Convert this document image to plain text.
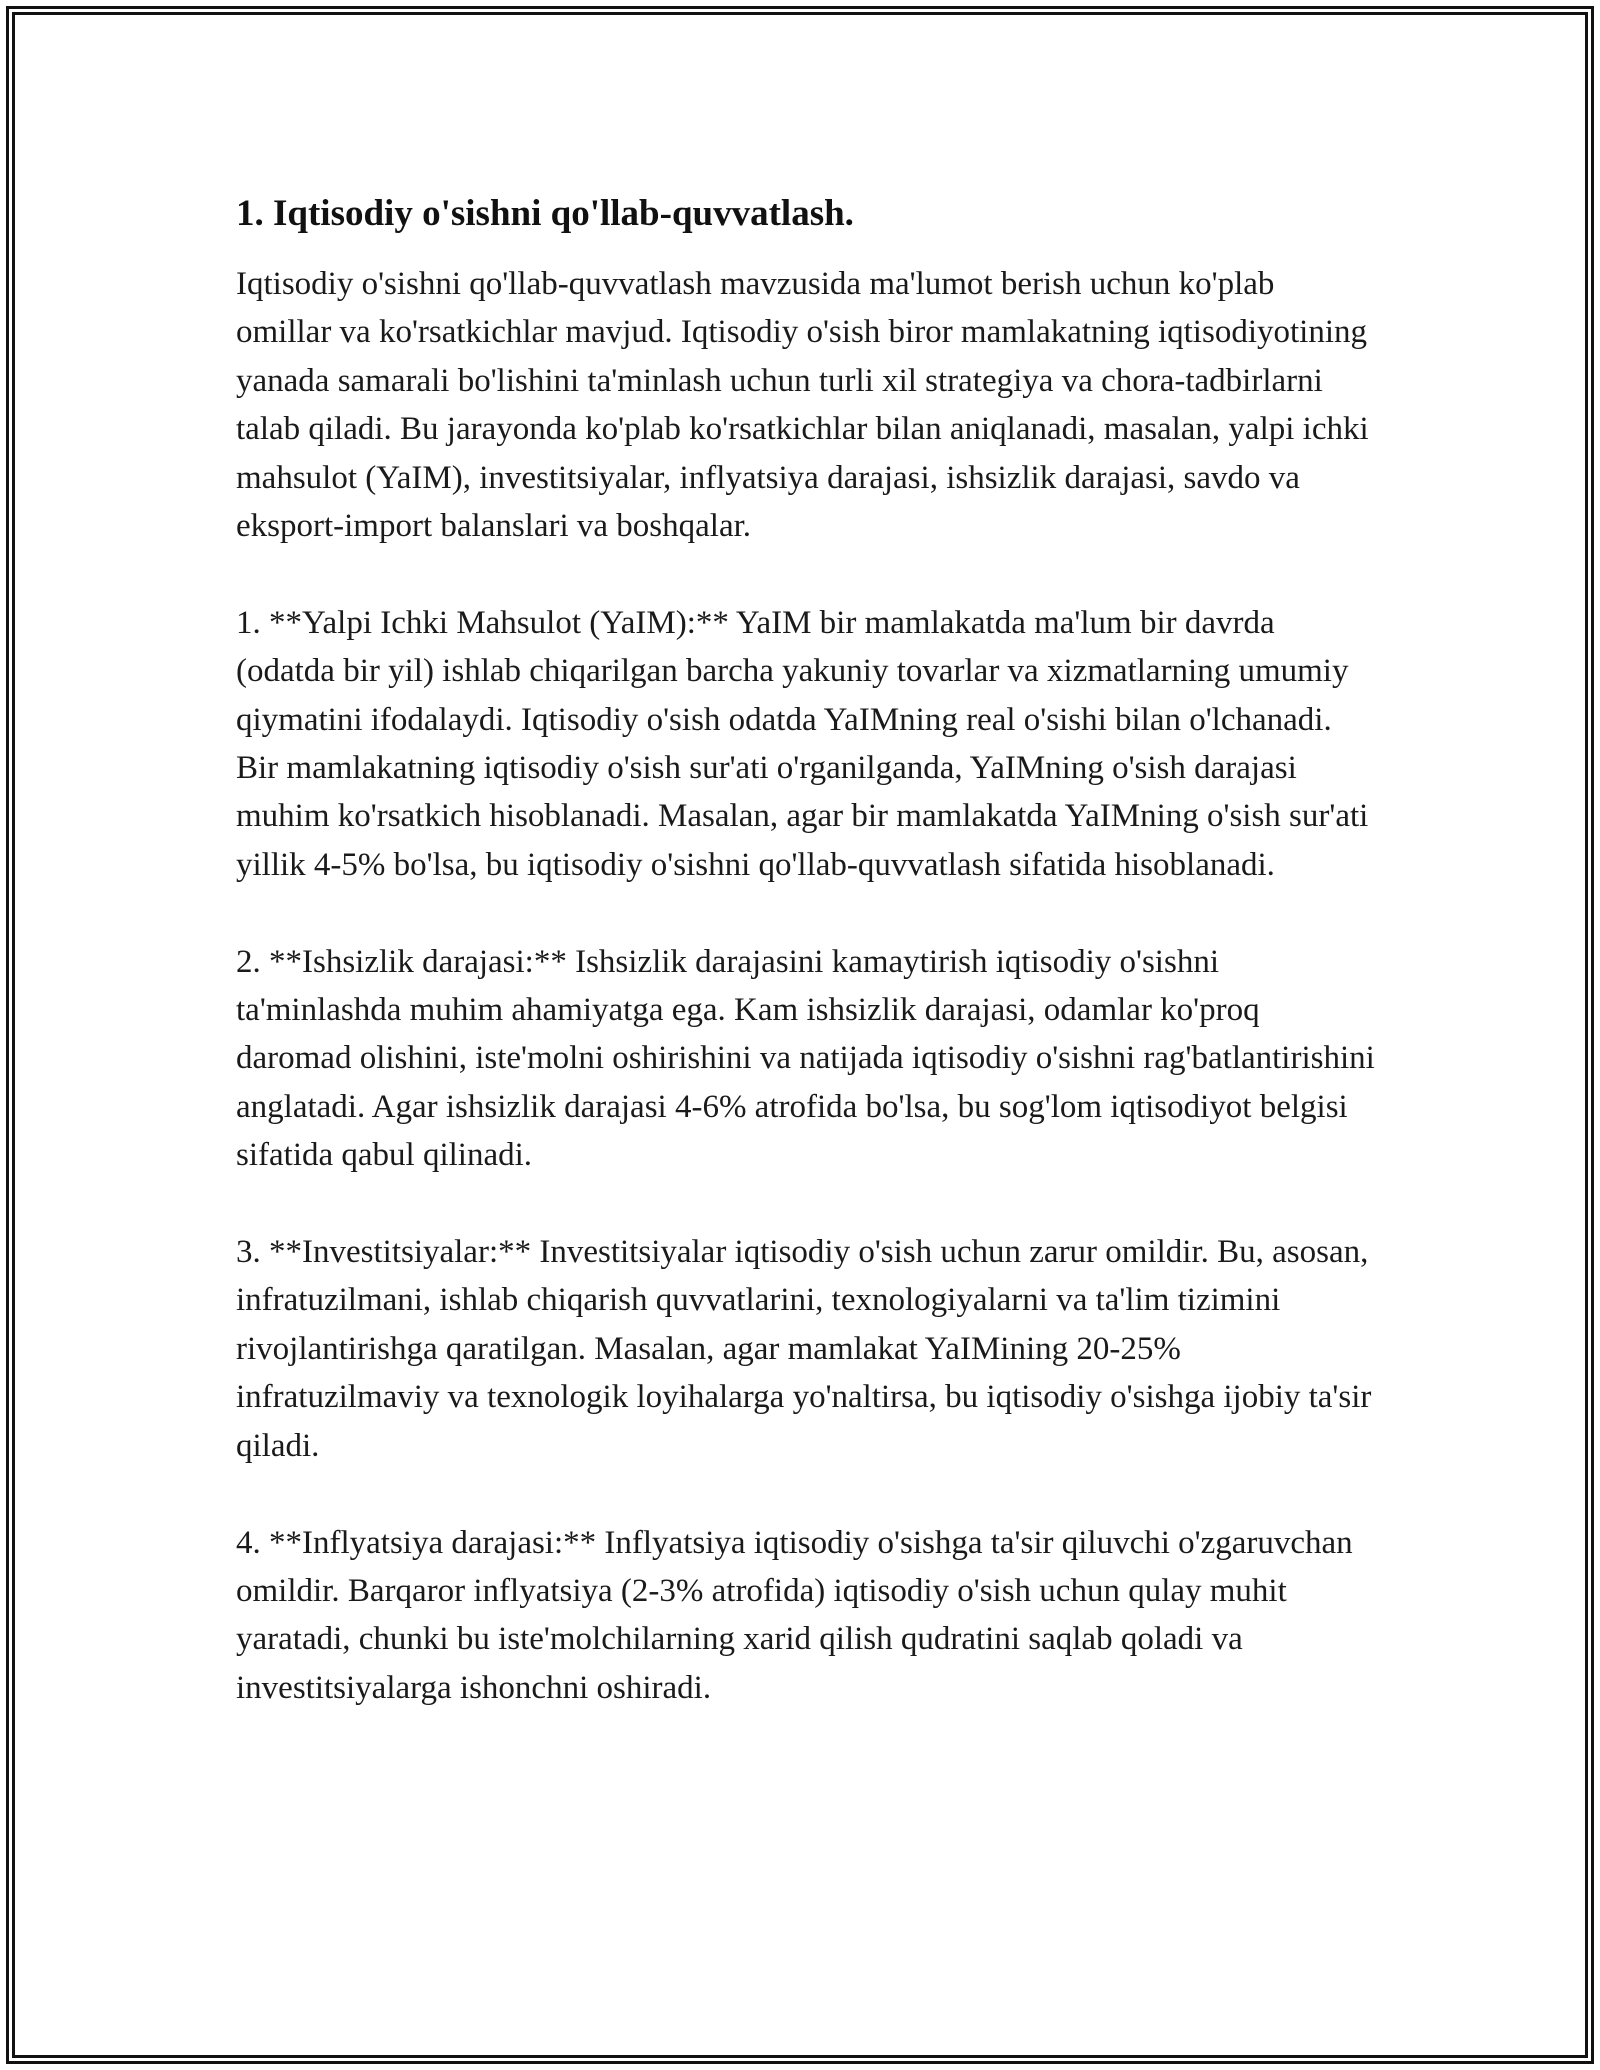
1. Iqtisodiy o'sishni qo'llab-quvvatlash.

Iqtisodiy o'sishni qo'llab-quvvatlash mavzusida ma'lumot berish uchun ko'plab omillar va ko'rsatkichlar mavjud. Iqtisodiy o'sish biror mamlakatning iqtisodiyotining yanada samarali bo'lishini ta'minlash uchun turli xil strategiya va chora-tadbirlarni talab qiladi. Bu jarayonda ko'plab ko'rsatkichlar bilan aniqlanadi, masalan, yalpi ichki mahsulot (YaIM), investitsiyalar, inflyatsiya darajasi, ishsizlik darajasi, savdo va eksport-import balanslari va boshqalar.

1. **Yalpi Ichki Mahsulot (YaIM):** YaIM bir mamlakatda ma'lum bir davrda (odatda bir yil) ishlab chiqarilgan barcha yakuniy tovarlar va xizmatlarning umumiy qiymatini ifodalaydi. Iqtisodiy o'sish odatda YaIMning real o'sishi bilan o'lchanadi. Bir mamlakatning iqtisodiy o'sish sur'ati o'rganilganda, YaIMning o'sish darajasi muhim ko'rsatkich hisoblanadi. Masalan, agar bir mamlakatda YaIMning o'sish sur'ati yillik 4-5% bo'lsa, bu iqtisodiy o'sishni qo'llab-quvvatlash sifatida hisoblanadi.

2. **Ishsizlik darajasi:** Ishsizlik darajasini kamaytirish iqtisodiy o'sishni ta'minlashda muhim ahamiyatga ega. Kam ishsizlik darajasi, odamlar ko'proq daromad olishini, iste'molni oshirishini va natijada iqtisodiy o'sishni rag'batlantirishini anglatadi. Agar ishsizlik darajasi 4-6% atrofida bo'lsa, bu sog'lom iqtisodiyot belgisi sifatida qabul qilinadi.

3. **Investitsiyalar:** Investitsiyalar iqtisodiy o'sish uchun zarur omildir. Bu, asosan, infratuzilmani, ishlab chiqarish quvvatlarini, texnologiyalarni va ta'lim tizimini rivojlantirishga qaratilgan. Masalan, agar mamlakat YaIMining 20-25% infratuzilmaviy va texnologik loyihalarga yo'naltirsa, bu iqtisodiy o'sishga ijobiy ta'sir qiladi.

4. **Inflyatsiya darajasi:** Inflyatsiya iqtisodiy o'sishga ta'sir qiluvchi o'zgaruvchan omildir. Barqaror inflyatsiya (2-3% atrofida) iqtisodiy o'sish uchun qulay muhit yaratadi, chunki bu iste'molchilarning xarid qilish qudratini saqlab qoladi va investitsiyalarga ishonchni oshiradi.
